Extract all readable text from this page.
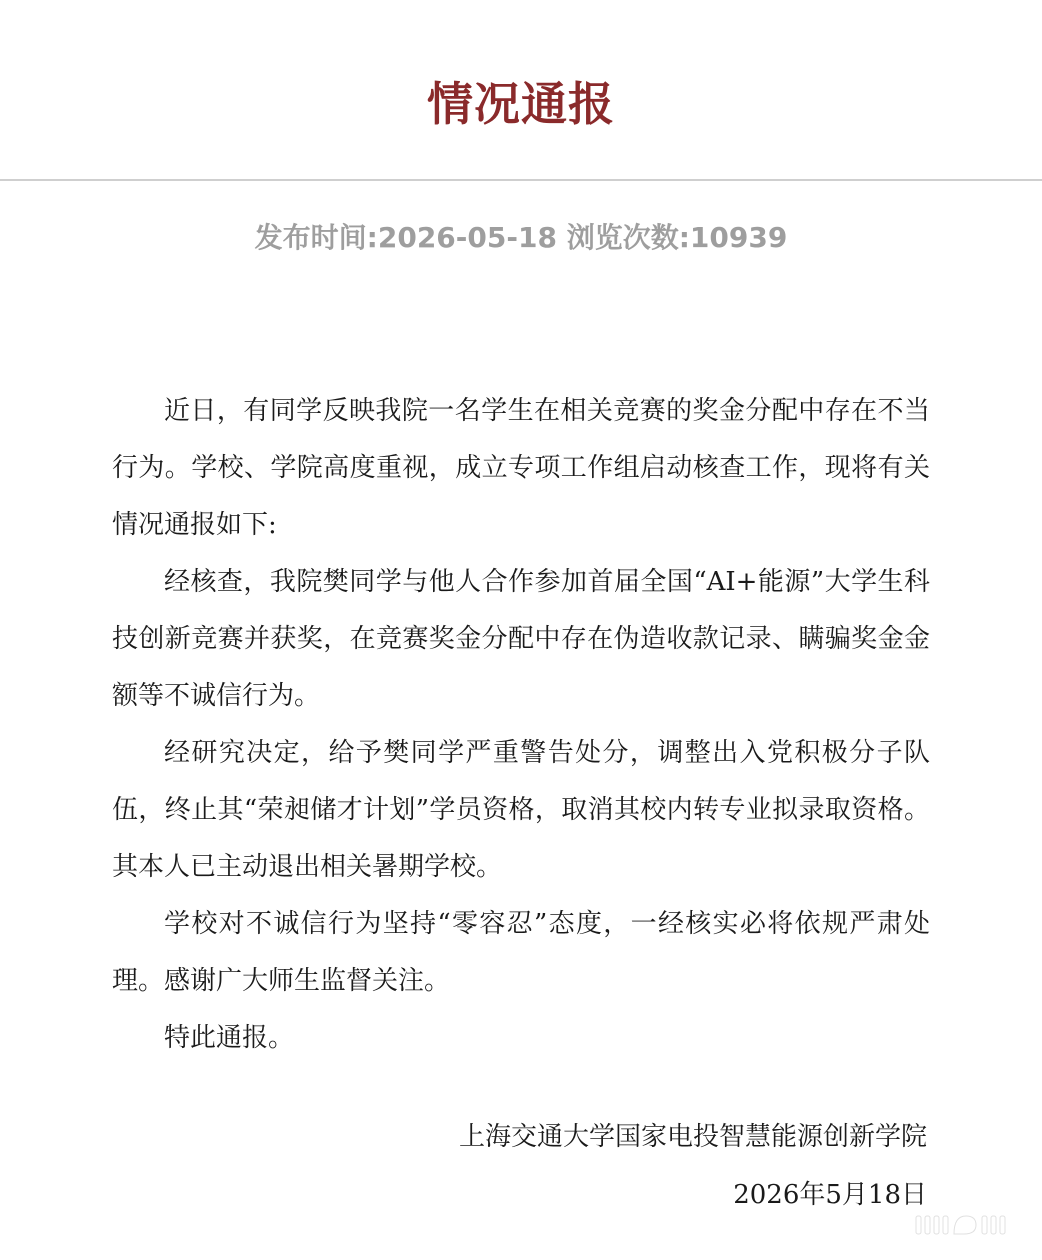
情况通报
发布时间:2026-05-18 浏览次数:10939

近日，有同学反映我院一名学生在相关竞赛的奖金分配中存在不当行为。学校、学院高度重视，成立专项工作组启动核查工作，现将有关情况通报如下:

经核查，我院樊同学与他人合作参加首届全国“AI+能源”大学生科技创新竞赛并获奖，在竞赛奖金分配中存在伪造收款记录、瞒骗奖金金额等不诚信行为。

经研究决定，给予樊同学严重警告处分，调整出入党积极分子队伍，终止其“荣昶储才计划”学员资格，取消其校内转专业拟录取资格。其本人已主动退出相关暑期学校。

学校对不诚信行为坚持“零容忍”态度，一经核实必将依规严肃处理。感谢广大师生监督关注。

特此通报。

上海交通大学国家电投智慧能源创新学院
2026年5月18日
